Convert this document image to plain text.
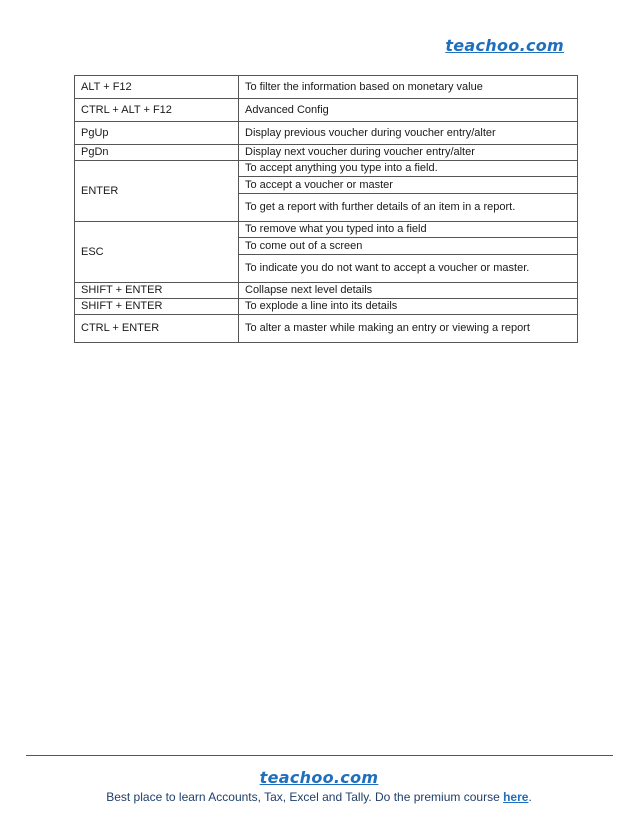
teachoo.com
ALT + F12	To filter the information based on monetary value
CTRL + ALT + F12	Advanced Config
PgUp	Display previous voucher during voucher entry/alter
PgDn	Display next voucher during voucher entry/alter
ENTER	To accept anything you type into a field.
	To accept a voucher or master
	To get a report with further details of an item in a report.
ESC	To remove what you typed into a field
	To come out of a screen
	To indicate you do not want to accept a voucher or master.
SHIFT + ENTER	Collapse next level details
SHIFT + ENTER	To explode a line into its details
CTRL + ENTER	To alter a master while making an entry or viewing a report
teachoo.com
Best place to learn Accounts, Tax, Excel and Tally. Do the premium course here.
